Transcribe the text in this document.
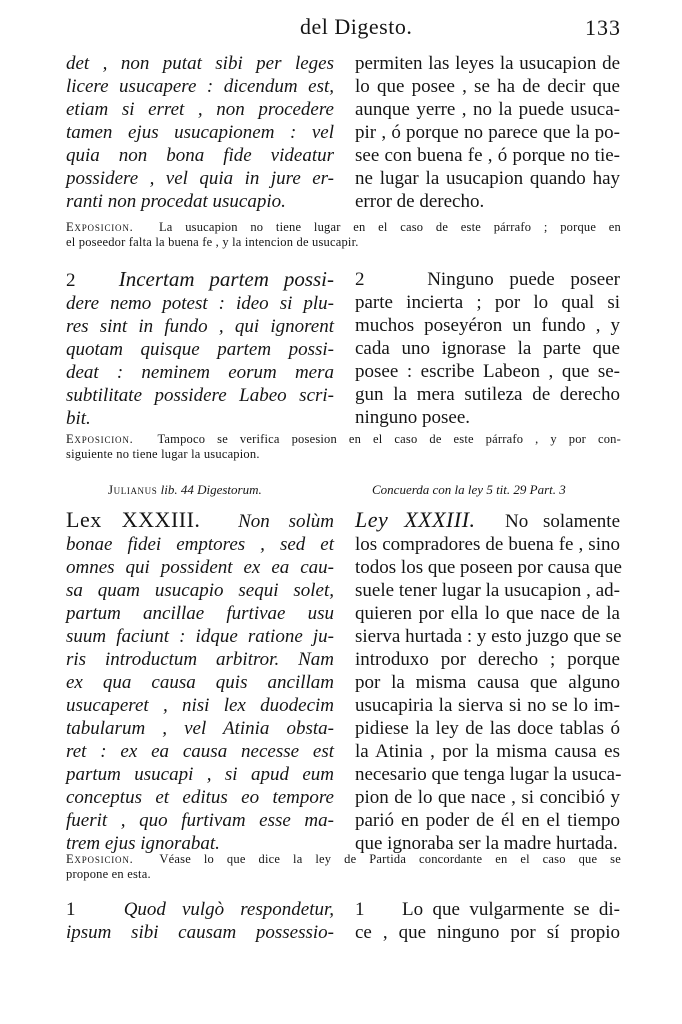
del Digesto.	133
det , non putat sibi per leges
licere usucapere : dicendum est,
etiam si erret , non procedere
tamen ejus usucapionem : vel
quia non bona fide videatur
possidere , vel quia in jure er-
ranti non procedat usucapio.
permiten las leyes la usucapion de
lo que posee , se ha de decir que
aunque yerre , no la puede usuca-
pir , ó porque no parece que la po-
see con buena fe , ó porque no tie-
ne lugar la usucapion quando hay
error de derecho.
Exposicion. La usucapion no tiene lugar en el caso de este párrafo ; porque en
el poseedor falta la buena fe , y la intencion de usucapir.
2 Incertam partem possi-
dere nemo potest : ideo si plu-
res sint in fundo , qui ignorent
quotam quisque partem possi-
deat : neminem eorum mera
subtilitate possidere Labeo scri-
bit.
2	Ninguno puede poseer
parte incierta ; por lo qual si
muchos poseyéron un fundo , y
cada uno ignorase la parte que
posee : escribe Labeon , que se-
gun la mera sutileza de derecho
ninguno posee.
Exposicion. Tampoco se verifica posesion en el caso de este párrafo , y por con-
siguiente no tiene lugar la usucapion.
Julianus lib. 44 Digestorum.	Concuerda con la ley 5 tit. 29 Part. 3
Lex XXXIII. Non solùm
bonae fidei emptores , sed et
omnes qui possident ex ea cau-
sa quam usucapio sequi solet,
partum ancillae furtivae usu
suum faciunt : idque ratione ju-
ris introductum arbitror. Nam
ex qua causa quis ancillam
usucaperet , nisi lex duodecim
tabularum , vel Atinia obsta-
ret : ex ea causa necesse est
partum usucapi , si apud eum
conceptus et editus eo tempore
fuerit , quo furtivam esse ma-
trem ejus ignorabat.
Ley XXXIII. No solamente
los compradores de buena fe , sino
todos los que poseen por causa que
suele tener lugar la usucapion , ad-
quieren por ella lo que nace de la
sierva hurtada : y esto juzgo que se
introduxo por derecho ; porque
por la misma causa que alguno
usucapiria la sierva si no se lo im-
pidiese la ley de las doce tablas ó
la Atinia , por la misma causa es
necesario que tenga lugar la usuca-
pion de lo que nace , si concibió y
parió en poder de él en el tiempo
que ignoraba ser la madre hurtada.
Exposicion. Véase lo que dice la ley de Partida concordante en el caso que se
propone en esta.
1	Quod vulgò respondetur,
ipsum sibi causam possessio-
1 Lo que vulgarmente se di-
ce , que ninguno por sí propio
